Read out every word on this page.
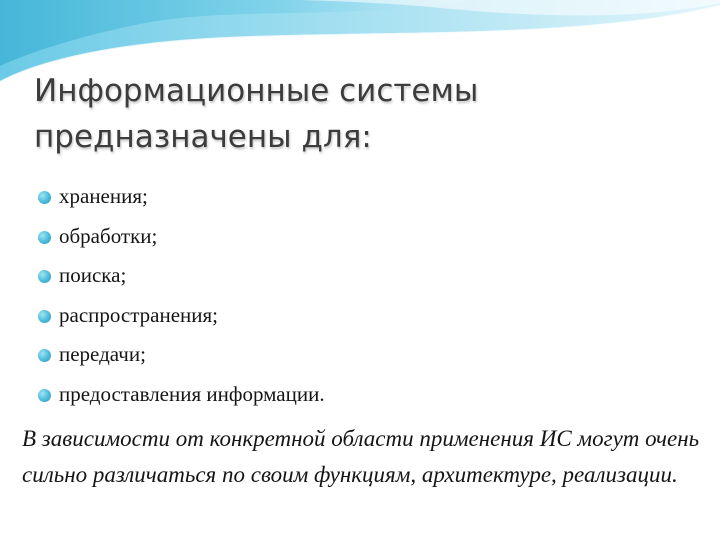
Информационные системы предназначены для:
хранения;
обработки;
поиска;
распространения;
передачи;
предоставления информации.

В зависимости от конкретной области применения ИС могут очень сильно различаться по своим функциям, архитектуре, реализации.
